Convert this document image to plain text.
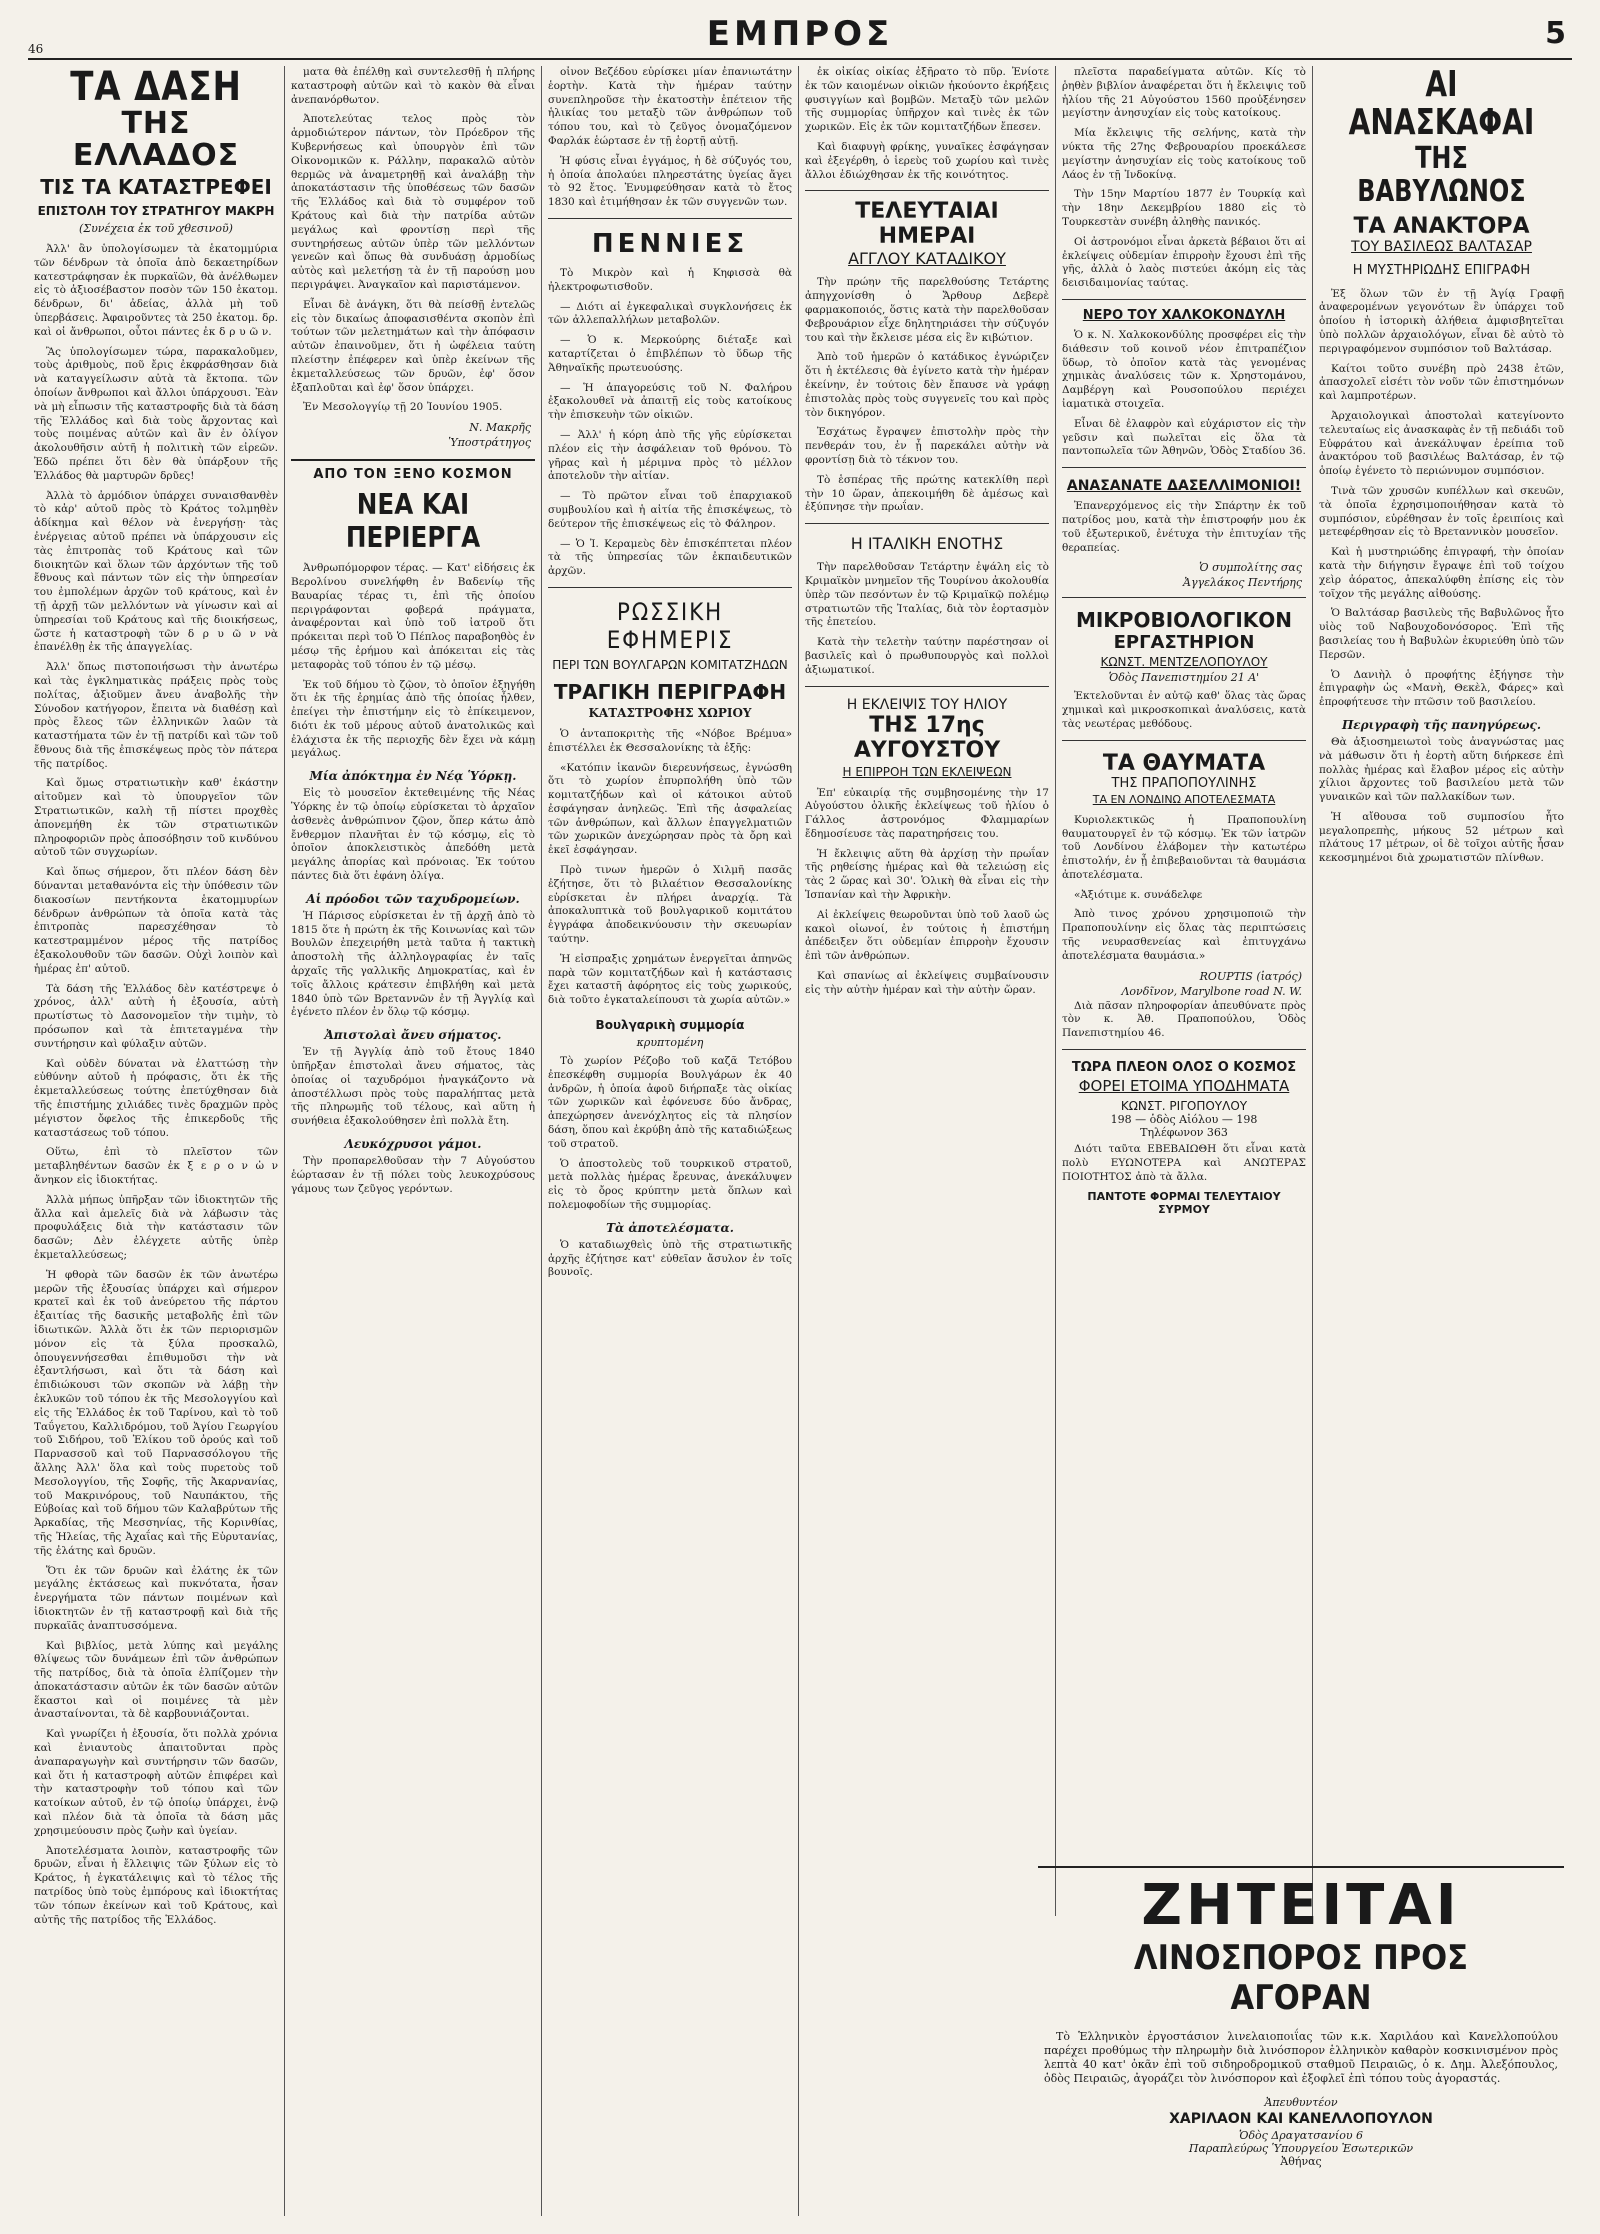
ΕΜΠΡΟΣ	5
46
ΤΑ ΔΑΣΗ
ΤΗΣ ΕΛΛΑΔΟΣ
ΤΙΣ ΤΑ ΚΑΤΑΣΤΡΕΦΕΙ
ΕΠΙΣΤΟΛΗ ΤΟΥ ΣΤΡΑΤΗΓΟΥ ΜΑΚΡΗ
(Συνέχεια ἐκ τοῦ χθεσινοῦ)

Ἀλλ' ἂν ὑπολογίσωμεν τὰ ἑκατομμύρια τῶν δένδρων τὰ ὁποῖα ἀπὸ δεκαετηρίδων κατεστράφησαν ἐκ πυρκαϊῶν, θὰ ἀνέλθωμεν εἰς τὸ ἀξιοσέβαστον ποσὸν τῶν 150 ἑκατομ. δένδρων, δι' ἀδείας, ἀλλὰ μὴ τοῦ ὑπερβάσεις. Ἀφαιροῦντες τὰ 250 ἑκατομ. δρ. καὶ οἱ ἄνθρωποι, οὗτοι πάντες ἐκ δ ρ υ ῶ ν.

Ἂς ὑπολογίσωμεν τώρα, παρακαλοῦμεν, τοὺς ἀριθμοὺς, ποῦ ἔρις ἐκφράσθησαν διὰ νὰ καταγγείλωσιν αὐτὰ τὰ ἔκτοπα. τῶν ὁποίων ἄνθρωποι καὶ ἄλλοι ὑπάρχουσι. Ἐὰν νὰ μὴ εἶπωσιν τῆς καταστροφῆς διὰ τὰ δάση τῆς Ἑλλάδος καὶ διὰ τοὺς ἄρχοντας καὶ τοὺς ποιμένας αὐτῶν καὶ ἂν ἐν ὀλίγον ἀκολουθῆσιν αὐτῆ ἡ πολιτικὴ τῶν εἰρεῶν. Ἐδῶ πρέπει ὅτι δὲν θὰ ὑπάρξουν τῆς Ἑλλάδος θὰ μαρτυρῶν δρῦες!

Ἀλλὰ τὸ ἀρμόδιον ὑπάρχει συναισθανθὲν τὸ κἀρ' αὐτοῦ πρὸς τὸ Κράτος τολμηθὲν ἀδίκημα καὶ θέλον νὰ ἐνεργήσῃ· τὰς ἐνέργειας αὐτοῦ πρέπει νὰ ὑπάρχουσιν εἰς τὰς ἐπιτροπὰς τοῦ Κράτους καὶ τῶν διοικητῶν καὶ ὅλων τῶν ἀρχόντων τῆς τοῦ ἔθνους καὶ πάντων τῶν εἰς τὴν ὑπηρεσίαν του ἐμπολέμων ἀρχῶν τοῦ κράτους, καὶ ἐν τῇ ἀρχῇ τῶν μελλόντων νὰ γίνωσιν καὶ αἱ ὑπηρεσίαι τοῦ Κράτους καὶ τῆς διοικήσεως, ὥστε ἡ καταστροφὴ τῶν δ ρ υ ῶ ν νὰ ἐπανέλθῃ ἐκ τῆς ἀπαγγελίας.

Ἀλλ' ὅπως πιστοποιήσωσι τὴν ἀνωτέρω καὶ τὰς ἐγκληματικὰς πράξεις πρὸς τοὺς πολίτας, ἀξιοῦμεν ἄνευ ἀναβολῆς τὴν Σύνοδον κατήγορον, ἔπειτα νὰ διαθέσῃ καὶ πρὸς ἔλεος τῶν ἐλληνικῶν λαῶν τὰ καταστήματα τῶν ἐν τῇ πατρίδι καὶ τῶν τοῦ ἔθνους διὰ τῆς ἐπισκέψεως πρὸς τὸν πάτερα τῆς πατρίδος.

Καὶ ὅμως στρατιωτικὴν καθ' ἑκάστην αἰτοῦμεν καὶ τὸ ὑπουργεῖον τῶν Στρατιωτικῶν, καλὴ τῇ πίστει προχθὲς ἀπονεμήθη ἐκ τῶν στρατιωτικῶν πληροφοριῶν πρὸς ἀποσόβησιν τοῦ κινδύνου αὐτοῦ τῶν συγχωρίων.

Καὶ ὅπως σήμερον, ὅτι πλέον δάση δὲν δύνανται μεταθανόντα εἰς τὴν ὑπόθεσιν τῶν διακοσίων πεντήκοντα ἑκατομμυρίων δένδρων ἀνθρώπων τὰ ὁποῖα κατὰ τὰς ἐπιτροπὰς παρεσχέθησαν τὸ κατεστραμμένον μέρος τῆς πατρίδος ἐξακολουθοῦν τῶν δασῶν. Οὐχὶ λοιπὸν καὶ ἡμέρας ἐπ' αὐτοῦ.

Τὰ δάση τῆς Ἑλλάδος δὲν κατέστρεψε ὁ χρόνος, ἀλλ' αὐτὴ ἡ ἐξουσία, αὐτὴ πρωτίστως τὸ Δασονομεῖον τὴν τιμὴν, τὸ πρόσωπον καὶ τὰ ἐπιτεταγμένα τὴν συντήρησιν καὶ φύλαξιν αὐτῶν.

Καὶ οὐδὲν δύναται νὰ ἐλαττώσῃ τὴν εὐθύνην αὐτοῦ ἡ πρόφασις, ὅτι ἐκ τῆς ἐκμεταλλεύσεως τούτης ἐπετύχθησαν διὰ τῆς ἐπιστήμης χιλιάδες τινὲς δραχμῶν πρὸς μέγιστον ὄφελος τῆς ἐπικερδοῦς τῆς καταστάσεως τοῦ τόπου.

Οὕτω, ἐπὶ τὸ πλεῖστον τῶν μεταβληθέντων δασῶν ἐκ ξ ε ρ ο ν ὡ ν ἄνηκον εἰς ἰδιοκτήτας.

Ἀλλὰ μήπως ὑπῆρξαν τῶν ἰδιοκτητῶν τῆς ἄλλα καὶ ἀμελεῖς διὰ νὰ λάβωσιν τὰς προφυλάξεις διὰ τὴν κατάστασιν τῶν δασῶν; Δὲν ἐλέγχετε αὐτῆς ὑπὲρ ἐκμεταλλεύσεως;

Ἡ φθορὰ τῶν δασῶν ἐκ τῶν ἀνωτέρω μερῶν τῆς ἐξουσίας ὑπάρχει καὶ σήμερον κρατεῖ καὶ ἐκ τοῦ ἀνεύρετου τῆς πάρτου ἐξαιτίας τῆς δασικῆς μεταβολῆς ἐπὶ τῶν ἰδιωτικῶν. Ἀλλὰ ὅτι ἐκ τῶν περιορισμῶν μόνον εἰς τὰ ξύλα προσκαλῶ, ὁπουγεννήσεσθαι ἐπιθυμοῦσι τὴν νὰ ἐξαντλήσωσι, καὶ ὅτι τὰ δάση καὶ ἐπιδιώκουσι τῶν σκοπῶν νὰ λάβῃ τὴν ἐκλυκῶν τοῦ τόπου ἐκ τῆς Μεσολογγίου καὶ εἰς τῆς Ἑλλάδος ἐκ τοῦ Ταρίνου, καὶ τὸ τοῦ Ταΰγετου, Καλλιδρόμου, τοῦ Ἁγίου Γεωργίου τοῦ Σιδήρου, τοῦ Ἐλίκου τοῦ ὀρούς καὶ τοῦ Παρνασσοῦ καὶ τοῦ Παρνασσόλογου τῆς ἄλλης Ἀλλ' ὅλα καὶ τοὺς πυρετοὺς τοῦ Μεσολογγίου, τῆς Σοφῆς, τῆς Ἀκαρνανίας, τοῦ Μακρινόρους, τοῦ Ναυπάκτου, τῆς Εὐβοίας καὶ τοῦ δήμου τῶν Καλαβρύτων τῆς Ἀρκαδίας, τῆς Μεσσηνίας, τῆς Κορινθίας, τῆς Ἠλείας, τῆς Ἀχαΐας καὶ τῆς Εὐρυτανίας, τῆς ἐλάτης καὶ δρυῶν.

Ὅτι ἐκ τῶν δρυῶν καὶ ἐλάτης ἐκ τῶν μεγάλης ἐκτάσεως καὶ πυκνότατα, ἦσαν ἐνεργήματα τῶν πάντων ποιμένων καὶ ἰδιοκτητῶν ἐν τῇ καταστροφῇ καὶ διὰ τῆς πυρκαϊᾶς ἀναπτυσσόμενα.

Καὶ βιβλίος, μετὰ λύπης καὶ μεγάλης θλίψεως τῶν δυνάμεων ἐπὶ τῶν ἀνθρώπων τῆς πατρίδος, διὰ τὰ ὁποῖα ἐλπίζομεν τὴν ἀποκατάστασιν αὐτῶν ἐκ τῶν δασῶν αὐτῶν ἕκαστοι καὶ οἱ ποιμένες τὰ μὲν ἀνασταίνονται, τὰ δὲ καρβουνιάζονται.

Καὶ γνωρίζει ἡ ἐξουσία, ὅτι πολλὰ χρόνια καὶ ἐνιαυτοὺς ἀπαιτοῦνται πρὸς ἀναπαραγωγὴν καὶ συντήρησιν τῶν δασῶν, καὶ ὅτι ἡ καταστροφὴ αὐτῶν ἐπιφέρει καὶ τὴν καταστροφὴν τοῦ τόπου καὶ τῶν κατοίκων αὐτοῦ, ἐν τῷ ὁποίῳ ὑπάρχει, ἐνῷ καὶ πλέον διὰ τὰ ὁποῖα τὰ δάση μᾶς χρησιμεύουσιν πρὸς ζωὴν καὶ ὑγείαν.

Ἀποτελέσματα λοιπὸν, καταστροφῆς τῶν δρυῶν, εἶναι ἡ ἔλλειψις τῶν ξύλων εἰς τὸ Κράτος, ἡ ἐγκατάλειψις καὶ τὸ τέλος τῆς πατρίδος ὑπὸ τοὺς ἐμπόρους καὶ ἰδιοκτήτας τῶν τόπων ἐκείνων καὶ τοῦ Κράτους, καὶ αὐτῆς τῆς πατρίδος τῆς Ἑλλάδος.

ματα θὰ ἐπέλθῃ καὶ συντελεσθῇ ἡ πλήρης καταστροφὴ αὐτῶν καὶ τὸ κακὸν θὰ εἶναι ἀνεπανόρθωτον.

Ἀποτελεύτας τελος πρὸς τὸν ἁρμοδιώτερον πάντων, τὸν Πρόεδρον τῆς Κυβερνήσεως καὶ ὑπουργὸν ἐπὶ τῶν Οἰκονομικῶν κ. Ράλλην, παρακαλῶ αὐτὸν θερμῶς νὰ ἀναμετρηθῇ καὶ ἀναλάβῃ τὴν ἀποκατάστασιν τῆς ὑποθέσεως τῶν δασῶν τῆς Ἑλλάδος καὶ διὰ τὸ συμφέρον τοῦ Κράτους καὶ διὰ τὴν πατρίδα αὐτῶν μεγάλως καὶ φροντίσῃ περὶ τῆς συντηρήσεως αὐτῶν ὑπὲρ τῶν μελλόντων γενεῶν καὶ ὅπως θὰ συνδυάσῃ ἀρμοδίως αὐτὸς καὶ μελετήσῃ τὰ ἐν τῇ παρούσῃ μου περιγράψει. Ἀναγκαῖον καὶ παριστάμενον.

Εἶναι δὲ ἀνάγκη, ὅτι θὰ πείσθῇ ἐντελῶς εἰς τὸν δικαίως ἀποφασισθέντα σκοπὸν ἐπὶ τούτων τῶν μελετημάτων καὶ τὴν ἀπόφασιν αὐτῶν ἐπαινοῦμεν, ὅτι ἡ ὠφέλεια ταύτη πλείστην ἐπέφερεν καὶ ὑπὲρ ἐκείνων τῆς ἐκμεταλλεύσεως τῶν δρυῶν, ἐφ' ὅσον ἐξαπλοῦται καὶ ἐφ' ὅσον ὑπάρχει.

Ἐν Μεσολογγίῳ τῇ 20 Ἰουνίου 1905.

Ν. Μακρῆς
Ὑποστράτηγος
ΑΠΟ ΤΟΝ ΞΕΝΟ ΚΟΣΜΟΝ
ΝΕΑ ΚΑΙ ΠΕΡΙΕΡΓΑ

Ἀνθρωπόμορφον τέρας. — Κατ' εἰδήσεις ἐκ Βερολίνου συνελήφθη ἐν Βαδενίῳ τῆς Βαυαρίας τέρας τι, ἐπὶ τῆς ὁποίου περιγράφονται φοβερά πράγματα, ἀναφέρονται καὶ ὑπὸ τοῦ ἰατροῦ ὅτι πρόκειται περὶ τοῦ Ὁ Πέπλος παραβοηθὸς ἐν μέσῳ τῆς ἐρήμου καὶ ἀπόκειται εἰς τὰς μεταφορὰς τοῦ τόπου ἐν τῷ μέσῳ.

Ἐκ τοῦ δήμου τὸ ζῷον, τὸ ὁποῖον ἐξηγήθη ὅτι ἐκ τῆς ἐρημίας ἀπὸ τῆς ὁποίας ἦλθεν, ἐπείγει τὴν ἐπιστήμην εἰς τὸ ἐπίκειμενον, διότι ἐκ τοῦ μέρους αὐτοῦ ἀνατολικῶς καὶ ἐλάχιστα ἐκ τῆς περιοχῆς δὲν ἔχει νὰ κάμῃ μεγάλως.

Μία ἀπόκτημα ἐν Νέᾳ Ὑόρκῃ.

Εἰς τὸ μουσεῖον ἐκτεθειμένης τῆς Νέας Ὑόρκης ἐν τῷ ὁποίῳ εὑρίσκεται τὸ ἀρχαῖον ἀσθενὲς ἀνθρώπινον ζῷον, ὅπερ κάτω ἀπὸ ἔνθερμον πλανῆται ἐν τῷ κόσμῳ, εἰς τὸ ὁποῖον ἀποκλειστικὸς ἀπεδόθη μετὰ μεγάλης ἀπορίας καὶ πρόνοιας. Ἐκ τούτου πάντες διὰ ὅτι ἐφάνη ὀλίγα.

Αἱ πρόοδοι τῶν ταχυδρομείων.

Ἡ Πάρισος εὑρίσκεται ἐν τῇ ἀρχῇ ἀπὸ τὸ 1815 ὅτε ἡ πρώτη ἐκ τῆς Κοινωνίας καὶ τῶν Βουλῶν ἐπεχειρήθη μετὰ ταῦτα ἡ τακτικὴ ἀποστολὴ τῆς ἀλληλογραφίας ἐν ταῖς ἀρχαῖς τῆς γαλλικῆς Δημοκρατίας, καὶ ἐν τοῖς ἄλλοις κράτεσιν ἐπιβλήθη καὶ μετὰ 1840 ὑπὸ τῶν Βρεταννῶν ἐν τῇ Ἀγγλίᾳ καὶ ἐγένετο πλέον ἐν ὅλῳ τῷ κόσμῳ.

Ἀπιστολαὶ ἄνευ σήματος.

Ἐν τῇ Ἀγγλίᾳ ἀπὸ τοῦ ἔτους 1840 ὑπῆρξαν ἐπιστολαὶ ἄνευ σήματος, τὰς ὁποίας οἱ ταχυδρόμοι ἠναγκάζοντο νὰ ἀποστέλλωσι πρὸς τοὺς παραλήπτας μετὰ τῆς πληρωμῆς τοῦ τέλους, καὶ αὕτη ἡ συνήθεια ἐξακολούθησεν ἐπὶ πολλὰ ἔτη.

Λευκόχρυσοι γάμοι.

Τὴν προπαρελθοῦσαν τὴν 7 Αὐγούστου ἑώρτασαν ἐν τῇ πόλει τοὺς λευκοχρύσους γάμους των ζεῦγος γερόντων.

οἶνον Βεζέδου εὑρίσκει μίαν ἐπανιωτάτην ἑορτὴν. Κατὰ τὴν ἡμέραν ταύτην συνεπληροῦσε τὴν ἑκατοστὴν ἐπέτειον τῆς ἡλικίας του μεταξὺ τῶν ἀνθρώπων τοῦ τόπου του, καὶ τὸ ζεῦγος ὀνομαζόμενον Φαρλάκ ἑώρτασε ἐν τῇ ἑορτῇ αὐτῇ.

Ἡ φύσις εἶναι ἐγγάμος, ἡ δὲ σύζυγός του, ἡ ὁποία ἀπολαύει πληρεστάτης ὑγείας ἄγει τὸ 92 ἔτος. Ἐνυμφεύθησαν κατὰ τὸ ἔτος 1830 καὶ ἐτιμήθησαν ἐκ τῶν συγγενῶν των.

ΠΕΝΝΙΕΣ

Τὸ Μικρὸν καὶ ἡ Κηφισσὰ θὰ ἠλεκτροφωτισθοῦν.

— Διότι αἱ ἐγκεφαλικαὶ συγκλονήσεις ἐκ τῶν ἀλλεπαλλήλων μεταβολῶν.

— Ὁ κ. Μερκούρης διέταξε καὶ καταρτίζεται ὁ ἐπιβλέπων τὸ ὕδωρ τῆς Ἀθηναϊκῆς πρωτευούσης.

— Ἡ ἀπαγορεύσις τοῦ Ν. Φαλήρου ἐξακολουθεῖ νὰ ἀπαιτῇ εἰς τοὺς κατοίκους τὴν ἐπισκευὴν τῶν οἰκιῶν.

— Ἀλλ' ἡ κόρη ἀπὸ τῆς γῆς εὑρίσκεται πλέον εἰς τὴν ἀσφάλειαν τοῦ θρόνου. Τὸ γῆρας καὶ ἡ μέριμνα πρὸς τὸ μέλλον ἀποτελοῦν τὴν αἰτίαν.

— Τὸ πρῶτον εἶναι τοῦ ἐπαρχιακοῦ συμβουλίου καὶ ἡ αἰτία τῆς ἐπισκέψεως, τὸ δεύτερον τῆς ἐπισκέψεως εἰς τὸ Φάληρον.

— Ὁ Ἰ. Κεραμεὺς δὲν ἐπισκέπτεται πλέον τὰ τῆς ὑπηρεσίας τῶν ἐκπαιδευτικῶν ἀρχῶν.

ΡΩΣΣΙΚΗ ΕΦΗΜΕΡΙΣ
ΠΕΡΙ ΤΩΝ ΒΟΥΛΓΑΡΩΝ ΚΟΜΙΤΑΤΖΗΔΩΝ
ΤΡΑΓΙΚΗ ΠΕΡΙΓΡΑΦΗ
ΚΑΤΑΣΤΡΟΦΗΣ ΧΩΡΙΟΥ

Ὁ ἀνταποκριτὴς τῆς «Νόβοε Βρέμυα» ἐπιστέλλει ἐκ Θεσσαλονίκης τὰ ἑξῆς:

«Κατόπιν ἱκανῶν διερευνήσεως, ἐγνώσθη ὅτι τὸ χωρίον ἐπυρπολήθη ὑπὸ τῶν κομιτατζήδων καὶ οἱ κάτοικοι αὐτοῦ ἐσφάγησαν ἀνηλεῶς. Ἐπὶ τῆς ἀσφαλείας τῶν ἀνθρώπων, καὶ ἄλλων ἐπαγγελματιῶν τῶν χωρικῶν ἀνεχώρησαν πρὸς τὰ ὄρη καὶ ἐκεῖ ἐσφάγησαν.

Πρὸ τινων ἡμερῶν ὁ Χιλμῆ πασᾶς ἐζήτησε, ὅτι τὸ βιλαέτιον Θεσσαλονίκης εὑρίσκεται ἐν πλήρει ἀναρχίᾳ. Τὰ ἀποκαλυπτικὰ τοῦ βουλγαρικοῦ κομιτάτου ἐγγράφα ἀποδεικνύουσιν τὴν σκευωρίαν ταύτην.

Ἡ εἰσπραξις χρημάτων ἐνεργεῖται ἀπηνῶς παρὰ τῶν κομιτατζήδων καὶ ἡ κατάστασις ἔχει καταστῆ ἀφόρητος εἰς τοὺς χωρικούς, διὰ τοῦτο ἐγκαταλείπουσι τὰ χωρία αὐτῶν.»

Βουλγαρικὴ συμμορία
κρυπτομένη

Τὸ χωρίον Ρέζοβο τοῦ καζᾶ Τετόβου ἐπεσκέφθη συμμορία Βουλγάρων ἐκ 40 ἀνδρῶν, ἡ ὁποία ἀφοῦ διήρπαξε τὰς οἰκίας τῶν χωρικῶν καὶ ἐφόνευσε δύο ἄνδρας, ἀπεχώρησεν ἀνενόχλητος εἰς τὰ πλησίον δάση, ὅπου καὶ ἐκρύβη ἀπὸ τῆς καταδιώξεως τοῦ στρατοῦ.

Ὁ ἀποστολεὺς τοῦ τουρκικοῦ στρατοῦ, μετὰ πολλὰς ἡμέρας ἔρευνας, ἀνεκάλυψεν εἰς τὸ ὄρος κρύπτην μετὰ ὅπλων καὶ πολεμοφοδίων τῆς συμμορίας.

Τὰ ἀποτελέσματα.

Ὁ καταδιωχθεὶς ὑπὸ τῆς στρατιωτικῆς ἀρχῆς ἐζήτησε κατ' εὐθεῖαν ἄσυλον ἐν τοῖς βουνοῖς.

ἐκ οἰκίας οἰκίας ἐξῆρατο τὸ πῦρ. Ἐνίοτε ἐκ τῶν καιομένων οἰκιῶν ἠκούοντο ἐκρήξεις φυσιγγίων καὶ βομβῶν. Μεταξὺ τῶν μελῶν τῆς συμμορίας ὑπῆρχον καὶ τινὲς ἐκ τῶν χωρικῶν. Εἰς ἐκ τῶν κομιτατζήδων ἔπεσεν.

Καὶ διαφυγὴ φρίκης, γυναῖκες ἐσφάγησαν καὶ ἐξεγέρθη, ὁ ἱερεὺς τοῦ χωρίου καὶ τινὲς ἄλλοι ἐδιώχθησαν ἐκ τῆς κοινότητος.

ΤΕΛΕΥΤΑΙΑΙ ΗΜΕΡΑΙ
ΑΓΓΛΟΥ ΚΑΤΑΔΙΚΟΥ

Τὴν πρώην τῆς παρελθούσης Τετάρτης ἀπηγχονίσθη ὁ Ἄρθουρ Δεβερὲ φαρμακοποιός, ὅστις κατὰ τὴν παρελθοῦσαν Φεβρουάριον εἶχε δηλητηριάσει τὴν σύζυγόν του καὶ τὴν ἔκλεισε μέσα εἰς ἓν κιβώτιον.

Ἀπὸ τοῦ ἡμερῶν ὁ κατάδικος ἐγνώριζεν ὅτι ἡ ἐκτέλεσις θὰ ἐγίνετο κατὰ τὴν ἡμέραν ἐκείνην, ἐν τούτοις δὲν ἔπαυσε νὰ γράφῃ ἐπιστολὰς πρὸς τοὺς συγγενεῖς του καὶ πρὸς τὸν δικηγόρον.

Ἐσχάτως ἔγραψεν ἐπιστολὴν πρὸς τὴν πενθεράν του, ἐν ᾗ παρεκάλει αὐτὴν νὰ φροντίσῃ διὰ τὸ τέκνον του.

Τὸ ἑσπέρας τῆς πρώτης κατεκλίθη περὶ τὴν 10 ὥραν, ἀπεκοιμήθη δὲ ἀμέσως καὶ ἐξύπνησε τὴν πρωΐαν.

Η ΙΤΑΛΙΚΗ ΕΝΟΤΗΣ

Τὴν παρελθοῦσαν Τετάρτην ἐψάλη εἰς τὸ Κριμαϊκὸν μνημεῖον τῆς Τουρίνου ἀκολουθία ὑπὲρ τῶν πεσόντων ἐν τῷ Κριμαϊκῷ πολέμῳ στρατιωτῶν τῆς Ἰταλίας, διὰ τὸν ἑορτασμὸν τῆς ἐπετείου.

Κατὰ τὴν τελετὴν ταύτην παρέστησαν οἱ βασιλεῖς καὶ ὁ πρωθυπουργὸς καὶ πολλοὶ ἀξιωματικοί.

Η ΕΚΛΕΙΨΙΣ ΤΟΥ ΗΛΙΟΥ
ΤΗΣ 17ης ΑΥΓΟΥΣΤΟΥ
Η ΕΠΙΡΡΟΗ ΤΩΝ ΕΚΛΕΙΨΕΩΝ

Ἐπ' εὐκαιρίᾳ τῆς συμβησομένης τὴν 17 Αὐγούστου ὁλικῆς ἐκλείψεως τοῦ ἡλίου ὁ Γάλλος ἀστρονόμος Φλαμμαρίων ἔδημοσίευσε τὰς παρατηρήσεις του.

Ἡ ἔκλειψις αὕτη θὰ ἀρχίσῃ τὴν πρωΐαν τῆς ρηθείσης ἡμέρας καὶ θὰ τελειώσῃ εἰς τὰς 2 ὥρας καὶ 30'. Ὁλικὴ θὰ εἶναι εἰς τὴν Ἱσπανίαν καὶ τὴν Ἀφρικὴν.

Αἱ ἐκλείψεις θεωροῦνται ὑπὸ τοῦ λαοῦ ὡς κακοὶ οἰωνοί, ἐν τούτοις ἡ ἐπιστήμη ἀπέδειξεν ὅτι οὐδεμίαν ἐπιρροὴν ἔχουσιν ἐπὶ τῶν ἀνθρώπων.

Καὶ σπανίως αἱ ἐκλείψεις συμβαίνουσιν εἰς τὴν αὐτὴν ἡμέραν καὶ τὴν αὐτὴν ὥραν.

πλεῖστα παραδείγματα αὐτῶν. Κίς τὸ ῥηθὲν βιβλίον ἀναφέρεται ὅτι ἡ ἔκλειψις τοῦ ἡλίου τῆς 21 Αὐγούστου 1560 προὐξένησεν μεγίστην ἀνησυχίαν εἰς τοὺς κατοίκους.

Μία ἔκλειψις τῆς σελήνης, κατὰ τὴν νύκτα τῆς 27ης Φεβρουαρίου προεκάλεσε μεγίστην ἀνησυχίαν εἰς τοὺς κατοίκους τοῦ Λάος ἐν τῇ Ἰνδοκίνᾳ.

Τὴν 15ην Μαρτίου 1877 ἐν Τουρκίᾳ καὶ τὴν 18ην Δεκεμβρίου 1880 εἰς τὸ Τουρκεστὰν συνέβη ἀληθὴς πανικός.

Οἱ ἀστρονόμοι εἶναι ἀρκετὰ βέβαιοι ὅτι αἱ ἐκλείψεις οὐδεμίαν ἐπιρροὴν ἔχουσι ἐπὶ τῆς γῆς, ἀλλὰ ὁ λαὸς πιστεύει ἀκόμη εἰς τὰς δεισιδαιμονίας ταύτας.

ΝΕΡΟ ΤΟΥ ΧΑΛΚΟΚΟΝΔΥΛΗ

Ὁ κ. Ν. Χαλκοκονδύλης προσφέρει εἰς τὴν διάθεσιν τοῦ κοινοῦ νέον ἐπιτραπέζιον ὕδωρ, τὸ ὁποῖον κατὰ τὰς γενομένας χημικὰς ἀναλύσεις τῶν κ. Χρηστομάνου, Δαμβέργη καὶ Ρουσοπούλου περιέχει ἰαματικὰ στοιχεῖα.

Εἶναι δὲ ἐλαφρὸν καὶ εὐχάριστον εἰς τὴν γεῦσιν καὶ πωλεῖται εἰς ὅλα τὰ παντοπωλεῖα τῶν Ἀθηνῶν, Ὁδὸς Σταδίου 36.

ΑΝΑΣΑΝΑΤΕ ΔΑΣΕΛΛΙΜΟΝΙΟΙ!

Ἐπανερχόμενος εἰς τὴν Σπάρτην ἐκ τοῦ πατρίδος μου, κατὰ τὴν ἐπιστροφήν μου ἐκ τοῦ ἐξωτερικοῦ, ἐνέτυχα τὴν ἐπιτυχίαν τῆς θεραπείας.

Ὁ συμπολίτης σας
Ἀγγελάκος Πεντήρης
ΜΙΚΡΟΒΙΟΛΟΓΙΚΟΝ
ΕΡΓΑΣΤΗΡΙΟΝ
ΚΩΝΣΤ. ΜΕΝΤΖΕΛΟΠΟΥΛΟΥ
Ὁδὸς Πανεπιστημίου 21 Α'

Ἐκτελοῦνται ἐν αὐτῷ καθ' ὅλας τὰς ὥρας χημικαὶ καὶ μικροσκοπικαὶ ἀναλύσεις, κατὰ τὰς νεωτέρας μεθόδους.

ΤΑ ΘΑΥΜΑΤΑ
ΤΗΣ ΠΡΑΠΟΠΟΥΛΙΝΗΣ
ΤΑ ΕΝ ΛΟΝΔΙΝΩ ΑΠΟΤΕΛΕΣΜΑΤΑ

Κυριολεκτικῶς ἡ Πραποπουλίνη θαυματουργεῖ ἐν τῷ κόσμῳ. Ἐκ τῶν ἰατρῶν τοῦ Λονδίνου ἐλάβομεν τὴν κατωτέρω ἐπιστολήν, ἐν ᾗ ἐπιβεβαιοῦνται τὰ θαυμάσια ἀποτελέσματα.

«Ἀξιότιμε κ. συνάδελφε

Ἀπὸ τινος χρόνου χρησιμοποιῶ τὴν Πραποπουλίνην εἰς ὅλας τὰς περιπτώσεις τῆς νευρασθενείας καὶ ἐπιτυγχάνω ἀποτελέσματα θαυμάσια.»

ROUPTIS (ἰατρός)
Λονδῖνον, Marylbone road N. W.

Διὰ πᾶσαν πληροφορίαν ἀπευθύνατε πρὸς τὸν κ. Ἀθ. Πραποπούλου, Ὁδὸς Πανεπιστημίου 46.

ΤΩΡΑ ΠΛΕΟΝ ΟΛΟΣ Ο ΚΟΣΜΟΣ
ΦΟΡΕΙ ΕΤΟΙΜΑ ΥΠΟΔΗΜΑΤΑ
ΚΩΝΣΤ. ΡΙΓΟΠΟΥΛΟΥ
198 — ὁδὸς Αἰόλου — 198
Τηλέφωνον 363

Διότι ταῦτα ΕΒΕΒΑΙΩΘΗ ὅτι εἶναι κατὰ πολὺ ΕΥΩΝΟΤΕΡΑ καὶ ΑΝΩΤΕΡΑΣ ΠΟΙΟΤΗΤΟΣ ἀπὸ τὰ ἄλλα.

ΠΑΝΤΟΤΕ ΦΟΡΜΑΙ ΤΕΛΕΥΤΑΙΟΥ ΣΥΡΜΟΥ
ΑΙ ΑΝΑΣΚΑΦΑΙ
ΤΗΣ ΒΑΒΥΛΩΝΟΣ
ΤΑ ΑΝΑΚΤΟΡΑ
ΤΟΥ ΒΑΣΙΛΕΩΣ ΒΑΛΤΑΣΑΡ
Η ΜΥΣΤΗΡΙΩΔΗΣ ΕΠΙΓΡΑΦΗ

Ἐξ ὅλων τῶν ἐν τῇ Ἁγίᾳ Γραφῇ ἀναφερομένων γεγονότων ἓν ὑπάρχει τοῦ ὁποίου ἡ ἱστορικὴ ἀλήθεια ἀμφισβητεῖται ὑπὸ πολλῶν ἀρχαιολόγων, εἶναι δὲ αὐτὸ τὸ περιγραφόμενον συμπόσιον τοῦ Βαλτάσαρ.

Καίτοι τοῦτο συνέβη πρὸ 2438 ἐτῶν, ἀπασχολεῖ εἰσέτι τὸν νοῦν τῶν ἐπιστημόνων καὶ λαμπροτέρων.

Ἀρχαιολογικαὶ ἀποστολαὶ κατεγίνοντο τελευταίως εἰς ἀνασκαφὰς ἐν τῇ πεδιάδι τοῦ Εὐφράτου καὶ ἀνεκάλυψαν ἐρείπια τοῦ ἀνακτόρου τοῦ βασιλέως Βαλτάσαρ, ἐν τῷ ὁποίῳ ἐγένετο τὸ περιώνυμον συμπόσιον.

Τινὰ τῶν χρυσῶν κυπέλλων καὶ σκευῶν, τὰ ὁποῖα ἐχρησιμοποιήθησαν κατὰ τὸ συμπόσιον, εὑρέθησαν ἐν τοῖς ἐρειπίοις καὶ μετεφέρθησαν εἰς τὸ Βρεταννικὸν μουσεῖον.

Καὶ ἡ μυστηριώδης ἐπιγραφή, τὴν ὁποίαν κατὰ τὴν διήγησιν ἔγραψε ἐπὶ τοῦ τοίχου χεὶρ ἀόρατος, ἀπεκαλύφθη ἐπίσης εἰς τὸν τοῖχον τῆς μεγάλης αἰθούσης.

Ὁ Βαλτάσαρ βασιλεὺς τῆς Βαβυλῶνος ἦτο υἱὸς τοῦ Ναβουχοδονόσορος. Ἐπὶ τῆς βασιλείας του ἡ Βαβυλὼν ἐκυριεύθη ὑπὸ τῶν Περσῶν.

Ὁ Δανιὴλ ὁ προφήτης ἐξήγησε τὴν ἐπιγραφὴν ὡς «Μανὴ, Θεκὲλ, Φάρες» καὶ ἐπροφήτευσε τὴν πτῶσιν τοῦ βασιλείου.

Περιγραφὴ τῆς πανηγύρεως.

Θὰ ἀξιοσημειωτοὶ τοὺς ἀναγνώστας μας νὰ μάθωσιν ὅτι ἡ ἑορτὴ αὕτη διήρκεσε ἐπὶ πολλὰς ἡμέρας καὶ ἔλαβον μέρος εἰς αὐτὴν χίλιοι ἄρχοντες τοῦ βασιλείου μετὰ τῶν γυναικῶν καὶ τῶν παλλακίδων των.

Ἡ αἴθουσα τοῦ συμποσίου ἦτο μεγαλοπρεπὴς, μήκους 52 μέτρων καὶ πλάτους 17 μέτρων, οἱ δὲ τοῖχοι αὐτῆς ἦσαν κεκοσμημένοι διὰ χρωματιστῶν πλίνθων.

ΖΗΤΕΙΤΑΙ
ΛΙΝΟΣΠΟΡΟΣ ΠΡΟΣ ΑΓΟΡΑΝ

Τὸ Ἑλληνικὸν ἐργοστάσιον λινελαιοποιΐας τῶν κ.κ. Χαριλάου καὶ Κανελλοπούλου παρέχει προθύμως τὴν πληρωμὴν διὰ λινόσπορον ἑλληνικὸν καθαρὸν κοσκινισμένον πρὸς λεπτὰ 40 κατ' ὀκᾶν ἐπὶ τοῦ σιδηροδρομικοῦ σταθμοῦ Πειραιῶς, ὁ κ. Δημ. Ἀλεξόπουλος, ὁδὸς Πειραιῶς, ἀγοράζει τὸν λινόσπορον καὶ ἐξοφλεῖ ἐπὶ τόπου τοὺς ἀγοραστάς.

Ἀπευθυντέον
ΧΑΡΙΛΑΟΝ ΚΑΙ ΚΑΝΕΛΛΟΠΟΥΛΟΝ
Ὁδὸς Δραγατσανίου 6
Παραπλεύρως Ὑπουργείου Ἐσωτερικῶν
Ἀθήνας
